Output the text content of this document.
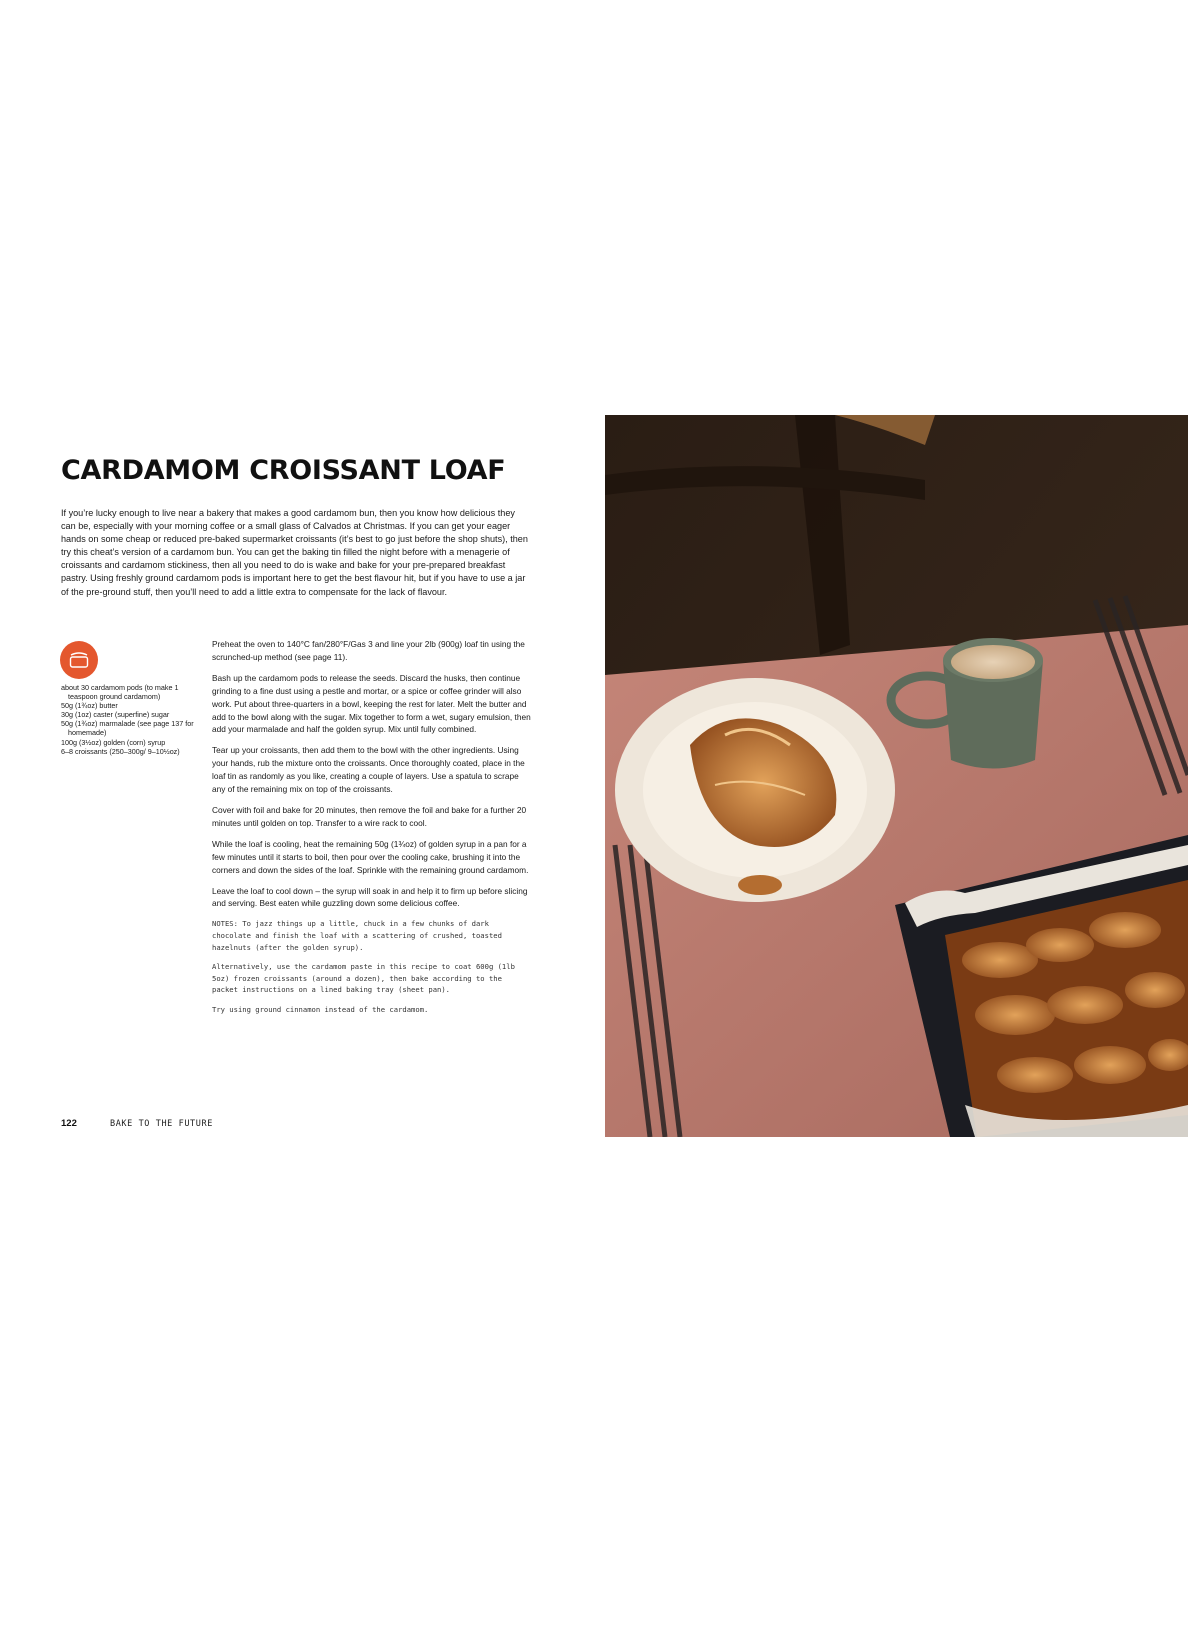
CARDAMOM CROISSANT LOAF

If you’re lucky enough to live near a bakery that makes a good cardamom bun, then you know how delicious they can be, especially with your morning coffee or a small glass of Calvados at Christmas. If you can get your eager hands on some cheap or reduced pre-baked supermarket croissants (it’s best to go just before the shop shuts), then try this cheat’s version of a cardamom bun. You can get the baking tin filled the night before with a menagerie of croissants and cardamom stickiness, then all you need to do is wake and bake for your pre-prepared breakfast pastry. Using freshly ground cardamom pods is important here to get the best flavour hit, but if you have to use a jar of the pre-ground stuff, then you’ll need to add a little extra to compensate for the lack of flavour.

about 30 cardamom pods (to make 1 teaspoon ground cardamom)
50g (1¾oz) butter
30g (1oz) caster (superfine) sugar
50g (1¾oz) marmalade (see page 137 for homemade)
100g (3½oz) golden (corn) syrup
6–8 croissants (250–300g/ 9–10½oz)

Preheat the oven to 140°C fan/280°F/Gas 3 and line your 2lb (900g) loaf tin using the scrunched-up method (see page 11).

Bash up the cardamom pods to release the seeds. Discard the husks, then continue grinding to a fine dust using a pestle and mortar, or a spice or coffee grinder will also work. Put about three-quarters in a bowl, keeping the rest for later. Melt the butter and add to the bowl along with the sugar. Mix together to form a wet, sugary emulsion, then add your marmalade and half the golden syrup. Mix until fully combined.

Tear up your croissants, then add them to the bowl with the other ingredients. Using your hands, rub the mixture onto the croissants. Once thoroughly coated, place in the loaf tin as randomly as you like, creating a couple of layers. Use a spatula to scrape any of the remaining mix on top of the croissants.

Cover with foil and bake for 20 minutes, then remove the foil and bake for a further 20 minutes until golden on top. Transfer to a wire rack to cool.

While the loaf is cooling, heat the remaining 50g (1¾oz) of golden syrup in a pan for a few minutes until it starts to boil, then pour over the cooling cake, brushing it into the corners and down the sides of the loaf. Sprinkle with the remaining ground cardamom.

Leave the loaf to cool down – the syrup will soak in and help it to firm up before slicing and serving. Best eaten while guzzling down some delicious coffee.

NOTES: To jazz things up a little, chuck in a few chunks of dark chocolate and finish the loaf with a scattering of crushed, toasted hazelnuts (after the golden syrup).

Alternatively, use the cardamom paste in this recipe to coat 600g (1lb 5oz) frozen croissants (around a dozen), then bake according to the packet instructions on a lined baking tray (sheet pan).

Try using ground cinnamon instead of the cardamom.

122	BAKE TO THE FUTURE
